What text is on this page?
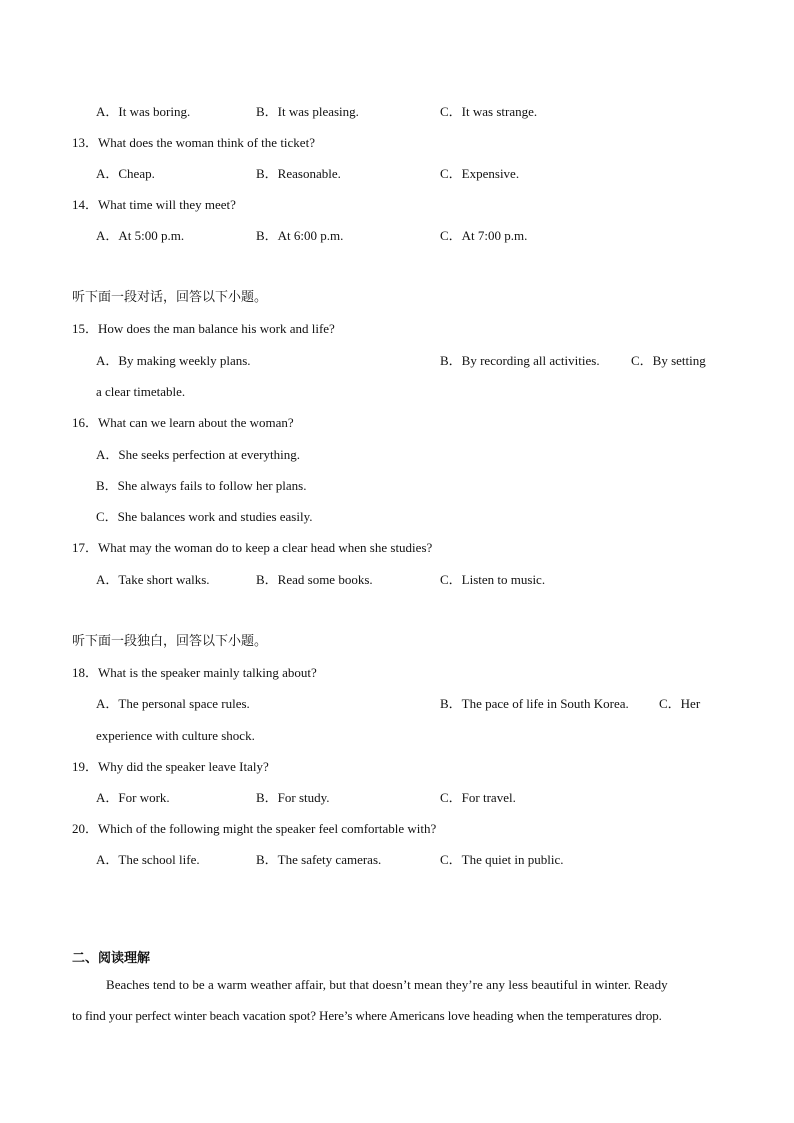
A．It was boring.	B．It was pleasing.	C．It was strange.
13．What does the woman think of the ticket?
A．Cheap.	B．Reasonable.	C．Expensive.
14．What time will they meet?
A．At 5:00 p.m.	B．At 6:00 p.m.	C．At 7:00 p.m.
听下面一段对话，回答以下小题。
15．How does the man balance his work and life?
A．By making weekly plans.	B．By recording all activities. C．By setting
a clear timetable.
16．What can we learn about the woman?
A．She seeks perfection at everything.
B．She always fails to follow her plans.
C．She balances work and studies easily.
17．What may the woman do to keep a clear head when she studies?
A．Take short walks.	B．Read some books.	C．Listen to music.
听下面一段独白，回答以下小题。
18．What is the speaker mainly talking about?
A．The personal space rules.	B．The pace of life in South Korea. C．Her
experience with culture shock.
19．Why did the speaker leave Italy?
A．For work.	B．For study.	C．For travel.
20．Which of the following might the speaker feel comfortable with?
A．The school life.	B．The safety cameras.	C．The quiet in public.
二、阅读理解
Beaches tend to be a warm weather affair, but that doesn’t mean they’re any less beautiful in winter. Ready
to find your perfect winter beach vacation spot? Here’s where Americans love heading when the temperatures drop.
